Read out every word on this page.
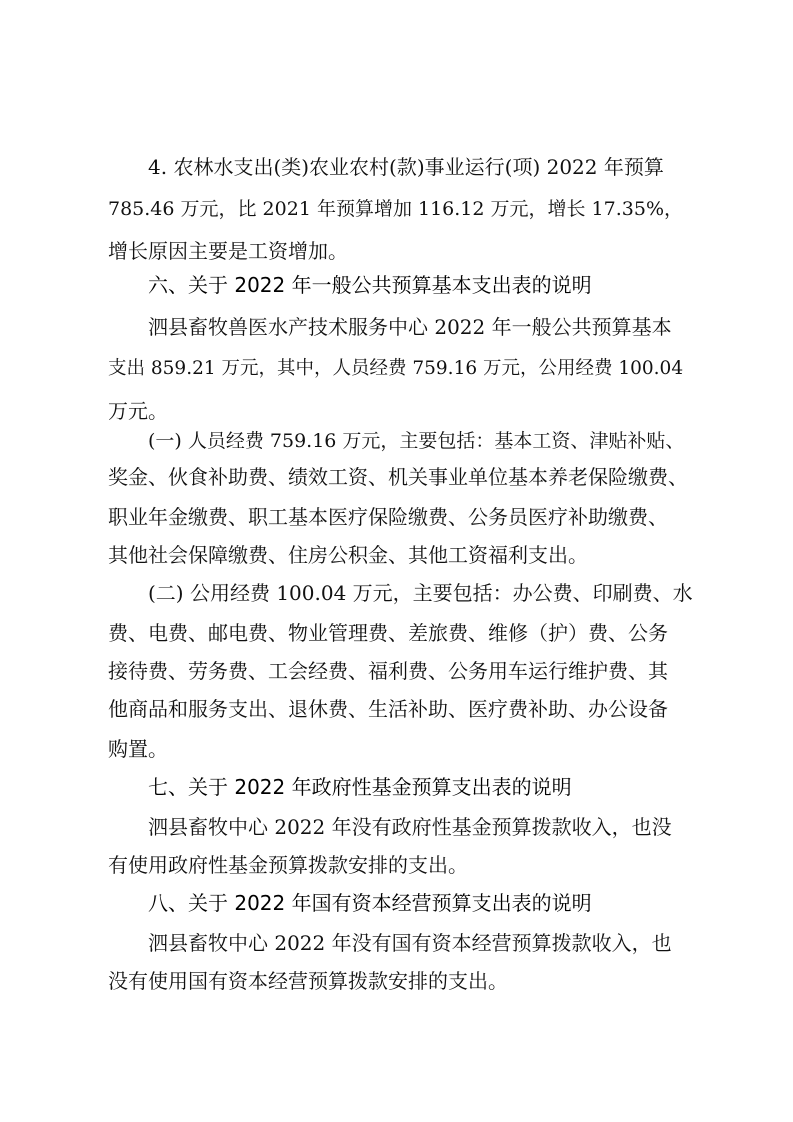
4. 农林水支出(类)农业农村(款)事业运行(项) 2022 年预算
785.46 万元，比 2021 年预算增加 116.12 万元，增长 17.35%，
增长原因主要是工资增加。
六、关于 2022 年一般公共预算基本支出表的说明
泗县畜牧兽医水产技术服务中心 2022 年一般公共预算基本
支出 859.21 万元，其中，人员经费 759.16 万元，公用经费 100.04
万元。
(一) 人员经费 759.16 万元，主要包括：基本工资、津贴补贴、
奖金、伙食补助费、绩效工资、机关事业单位基本养老保险缴费、
职业年金缴费、职工基本医疗保险缴费、公务员医疗补助缴费、
其他社会保障缴费、住房公积金、其他工资福利支出。
(二) 公用经费 100.04 万元，主要包括：办公费、印刷费、水
费、电费、邮电费、物业管理费、差旅费、维修（护）费、公务
接待费、劳务费、工会经费、福利费、公务用车运行维护费、其
他商品和服务支出、退休费、生活补助、医疗费补助、办公设备
购置。
七、关于 2022 年政府性基金预算支出表的说明
泗县畜牧中心 2022 年没有政府性基金预算拨款收入，也没
有使用政府性基金预算拨款安排的支出。
八、关于 2022 年国有资本经营预算支出表的说明
泗县畜牧中心 2022 年没有国有资本经营预算拨款收入，也
没有使用国有资本经营预算拨款安排的支出。
